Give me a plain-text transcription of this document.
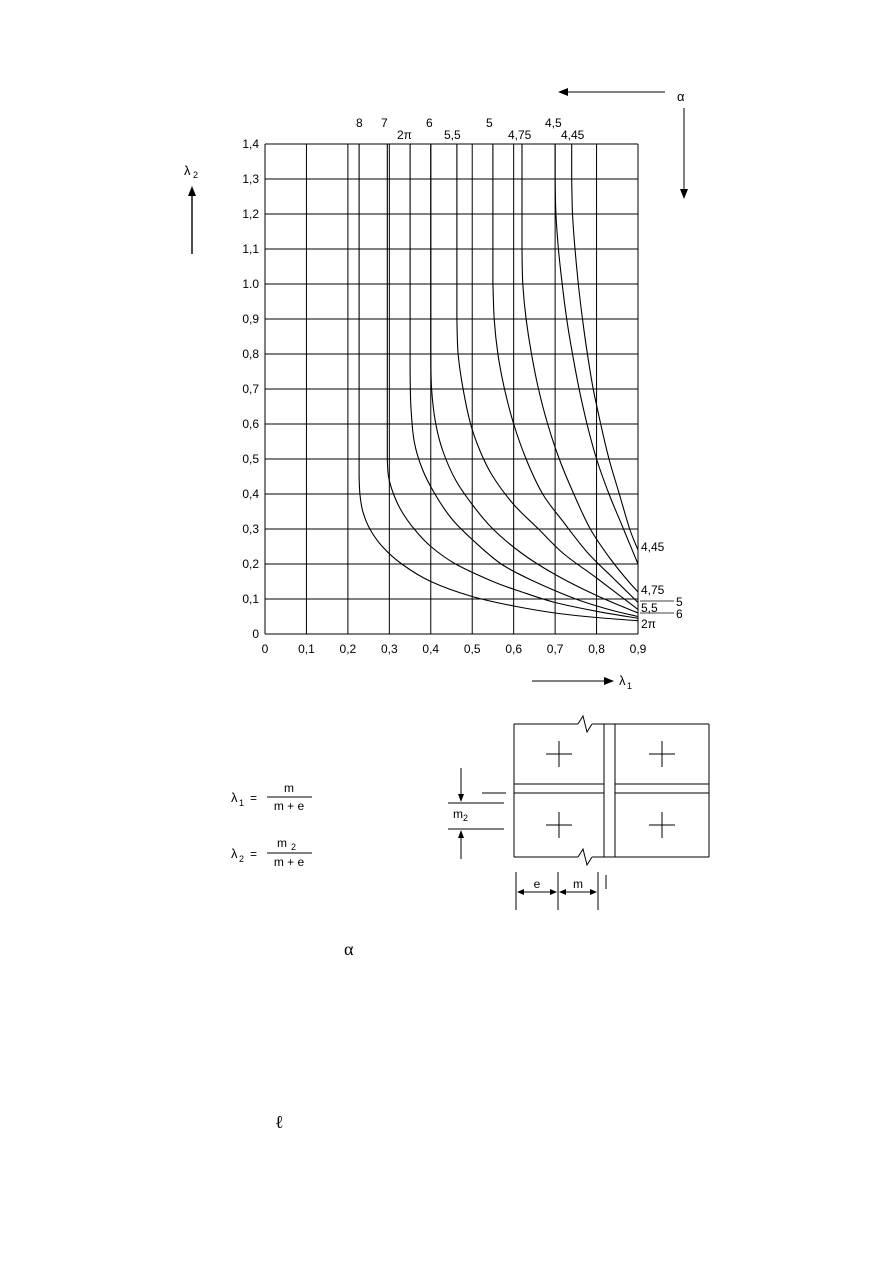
0 0,1 0,2 0,3 0,4 0,5 0,6 0,7 0,8 0,9
0
0,1
0,2
0,3
0,4
0,5
0,6
0,7
0,8
0,9
1.0
1,1
1,2
1,3
1,4
8 7	6	5	4,5
2π	5,5	4,75 4,45
4,45
4,75
5
5,5 6
2π
α
λ 2
λ 1
λ 1 =
m
m + e
λ 2 =
m 2
m + e
m 2
e	m
α
ℓ
